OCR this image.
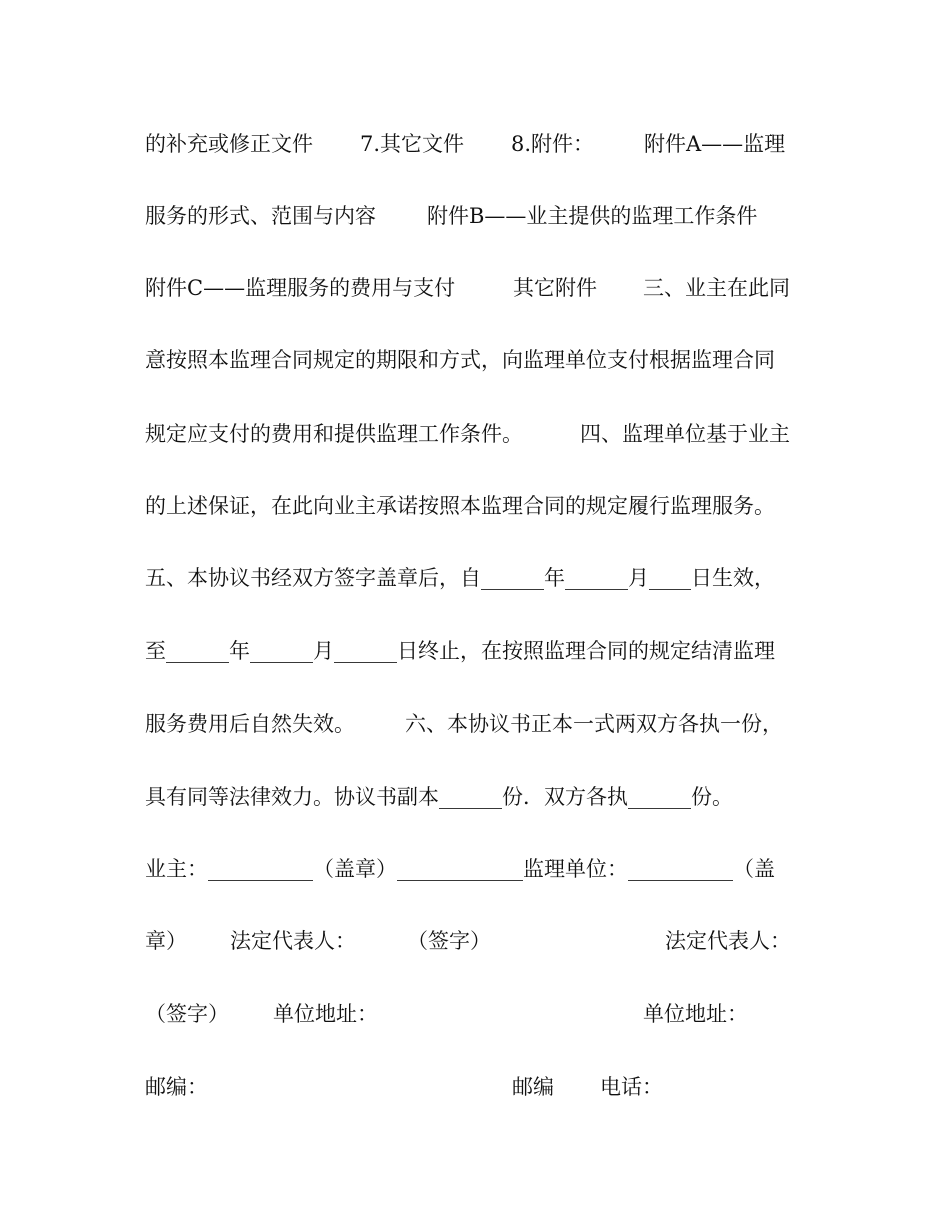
的补充或修正文件 7.其它文件 8.附件： 附件A——监理
服务的形式、范围与内容 附件B——业主提供的监理工作条件
附件C——监理服务的费用与支付	其它附件 三、业主在此同
意按照本监理合同规定的期限和方式，向监理单位支付根据监理合同
规定应支付的费用和提供监理工作条件。	四、监理单位基于业主
的上述保证，在此向业主承诺按照本监理合同的规定履行监理服务。
五、本协议书经双方签字盖章后，自______年______月____日生效，
至______年______月______日终止，在按照监理合同的规定结清监理
服务费用后自然失效。 六、本协议书正本一式两双方各执一份，
具有同等法律效力。协议书副本______份．双方各执______份。
业主：__________（盖章）____________监理单位：__________（盖
章） 法定代表人： （签字）	法定代表人：
（签字） 单位地址：	单位地址：
邮编：	邮编 电话：
